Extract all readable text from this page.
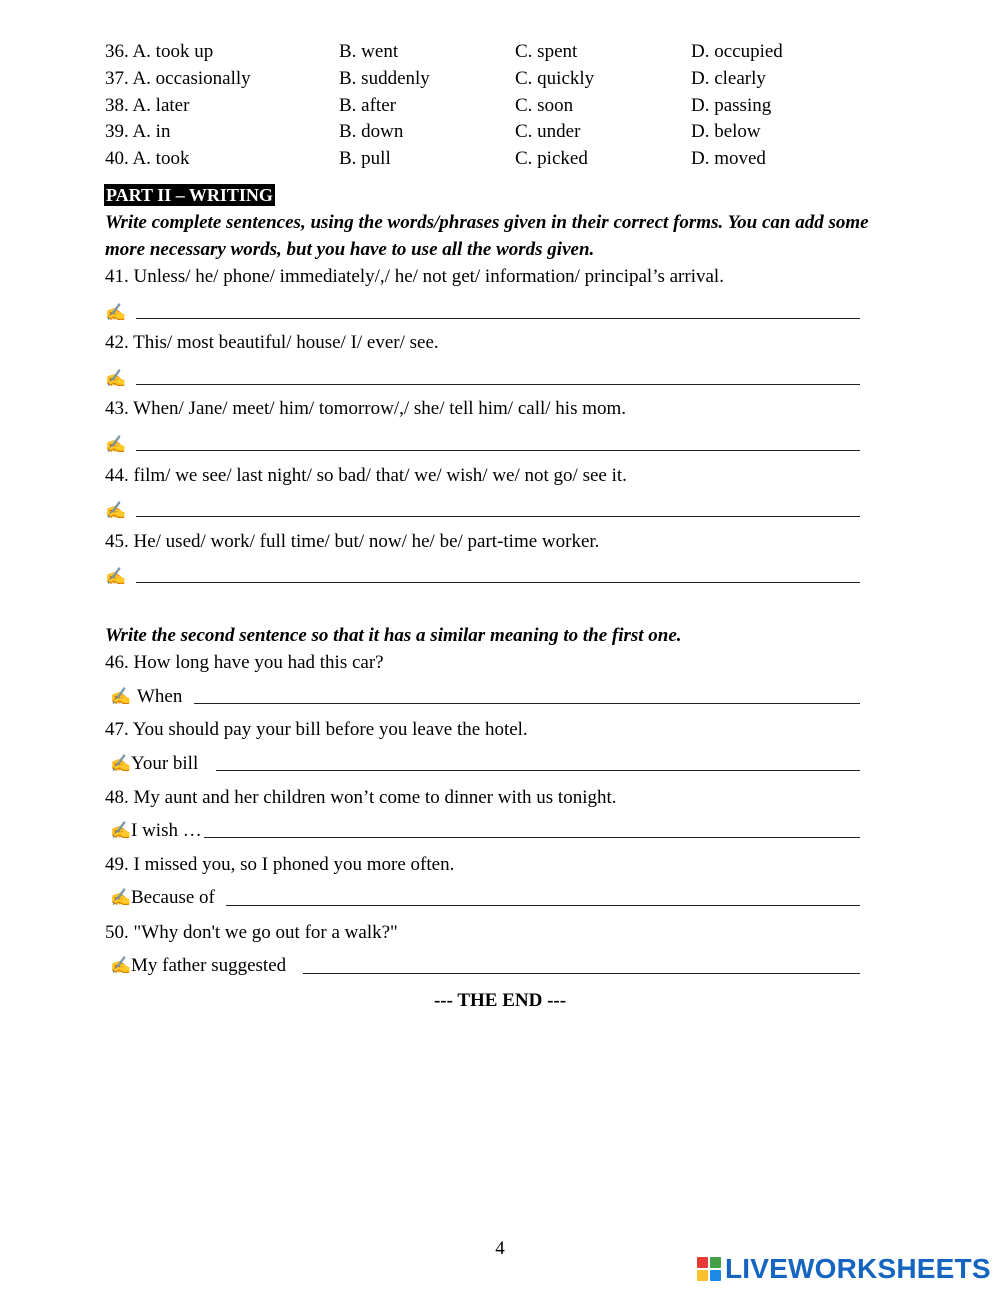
36. A. took up	B. went	C. spent	D. occupied
37. A. occasionally	B. suddenly	C. quickly	D. clearly
38. A. later	B. after	C. soon	D. passing
39. A. in	B. down	C. under	D. below
40. A. took	B. pull	C. picked	D. moved
PART II – WRITING
Write complete sentences, using the words/phrases given in their correct forms. You can add some
more necessary words, but you have to use all the words given.
41. Unless/ he/ phone/ immediately/,/ he/ not get/ information/ principal’s arrival.
✍
42. This/ most beautiful/ house/ I/ ever/ see.
✍
43. When/ Jane/ meet/ him/ tomorrow/,/ she/ tell him/ call/ his mom.
✍
44. film/ we see/ last night/ so bad/ that/ we/ wish/ we/ not go/ see it.
✍
45. He/ used/ work/ full time/ but/ now/ he/ be/ part-time worker.
✍
Write the second sentence so that it has a similar meaning to the first one.
46. How long have you had this car?
✍ When
47. You should pay your bill before you leave the hotel.
✍ Your bill
48. My aunt and her children won’t come to dinner with us tonight.
✍ I wish …
49. I missed you, so I phoned you more often.
✍ Because of
50. "Why don't we go out for a walk?"
✍ My father suggested
--- THE END ---
4
LIVEWORKSHEETS
